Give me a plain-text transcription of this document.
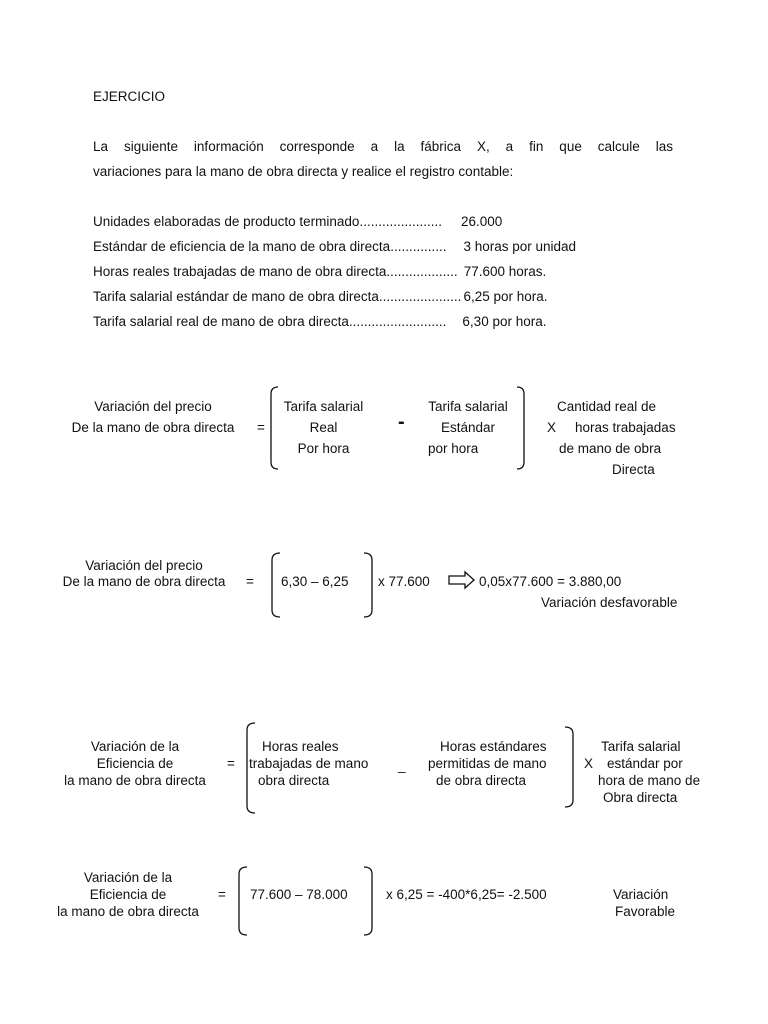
EJERCICIO
La siguiente información corresponde a la fábrica X, a fin que calcule las
variaciones para la mano de obra directa y realice el registro contable:
Unidades elaboradas de producto terminado...................... 26.000
Estándar de eficiencia de la mano de obra directa............... 3 horas por unidad
Horas reales trabajadas de mano de obra directa................... 77.600 horas.
Tarifa salarial estándar de mano de obra directa...................... 6,25 por hora.
Tarifa salarial real de mano de obra directa.......................... 6,30 por hora.
Variación del precio
De la mano de obra directa	=
Tarifa salarial
Real
Por hora
-
Tarifa salarial
Estándar
por hora
X
Cantidad real de
horas trabajadas
de mano de obra
Directa
Variación del precio
De la mano de obra directa	= 6,30 – 6,25 x 77.600	0,05x77.600 = 3.880,00
Variación desfavorable
Variación de la
Eficiencia de
la mano de obra directa
=
Horas reales
trabajadas de mano
obra directa
_
Horas estándares
permitidas de mano
de obra directa
X
Tarifa salarial
estándar por
hora de mano de
Obra directa
Variación de la
Eficiencia de
la mano de obra directa
= 77.600 – 78.000	x 6,25 = -400*6,25= -2.500	Variación
Favorable
